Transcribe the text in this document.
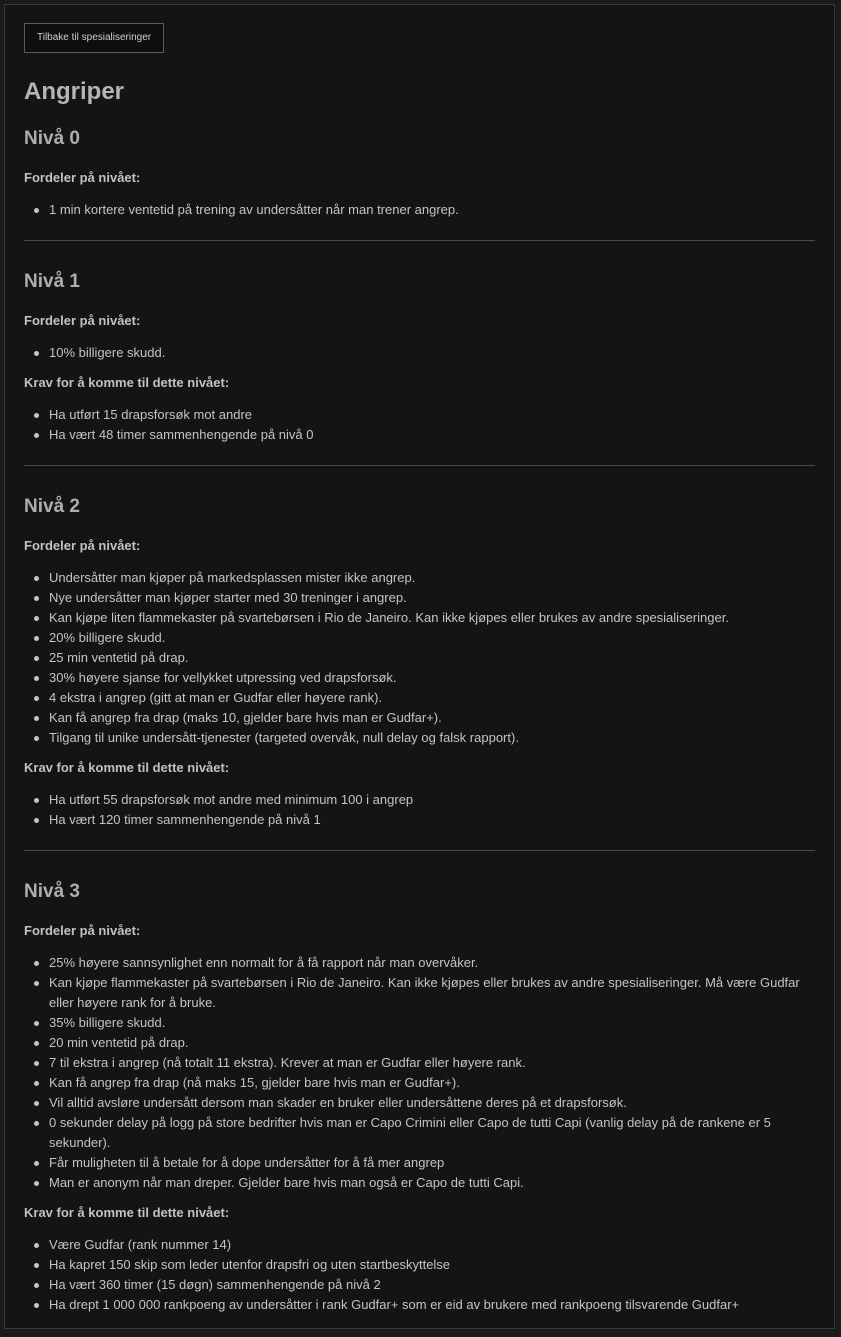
Tilbake til spesialiseringer
Angriper
Nivå 0
Fordeler på nivået:
1 min kortere ventetid på trening av undersåtter når man trener angrep.
Nivå 1
Fordeler på nivået:
10% billigere skudd.
Krav for å komme til dette nivået:
Ha utført 15 drapsforsøk mot andre
Ha vært 48 timer sammenhengende på nivå 0
Nivå 2
Fordeler på nivået:
Undersåtter man kjøper på markedsplassen mister ikke angrep.
Nye undersåtter man kjøper starter med 30 treninger i angrep.
Kan kjøpe liten flammekaster på svartebørsen i Rio de Janeiro. Kan ikke kjøpes eller brukes av andre spesialiseringer.
20% billigere skudd.
25 min ventetid på drap.
30% høyere sjanse for vellykket utpressing ved drapsforsøk.
4 ekstra i angrep (gitt at man er Gudfar eller høyere rank).
Kan få angrep fra drap (maks 10, gjelder bare hvis man er Gudfar+).
Tilgang til unike undersått-tjenester (targeted overvåk, null delay og falsk rapport).
Krav for å komme til dette nivået:
Ha utført 55 drapsforsøk mot andre med minimum 100 i angrep
Ha vært 120 timer sammenhengende på nivå 1
Nivå 3
Fordeler på nivået:
25% høyere sannsynlighet enn normalt for å få rapport når man overvåker.
Kan kjøpe flammekaster på svartebørsen i Rio de Janeiro. Kan ikke kjøpes eller brukes av andre spesialiseringer. Må være Gudfar eller høyere rank for å bruke.
35% billigere skudd.
20 min ventetid på drap.
7 til ekstra i angrep (nå totalt 11 ekstra). Krever at man er Gudfar eller høyere rank.
Kan få angrep fra drap (nå maks 15, gjelder bare hvis man er Gudfar+).
Vil alltid avsløre undersått dersom man skader en bruker eller undersåttene deres på et drapsforsøk.
0 sekunder delay på logg på store bedrifter hvis man er Capo Crimini eller Capo de tutti Capi (vanlig delay på de rankene er 5 sekunder).
Får muligheten til å betale for å dope undersåtter for å få mer angrep
Man er anonym når man dreper. Gjelder bare hvis man også er Capo de tutti Capi.
Krav for å komme til dette nivået:
Være Gudfar (rank nummer 14)
Ha kapret 150 skip som leder utenfor drapsfri og uten startbeskyttelse
Ha vært 360 timer (15 døgn) sammenhengende på nivå 2
Ha drept 1 000 000 rankpoeng av undersåtter i rank Gudfar+ som er eid av brukere med rankpoeng tilsvarende Gudfar+
